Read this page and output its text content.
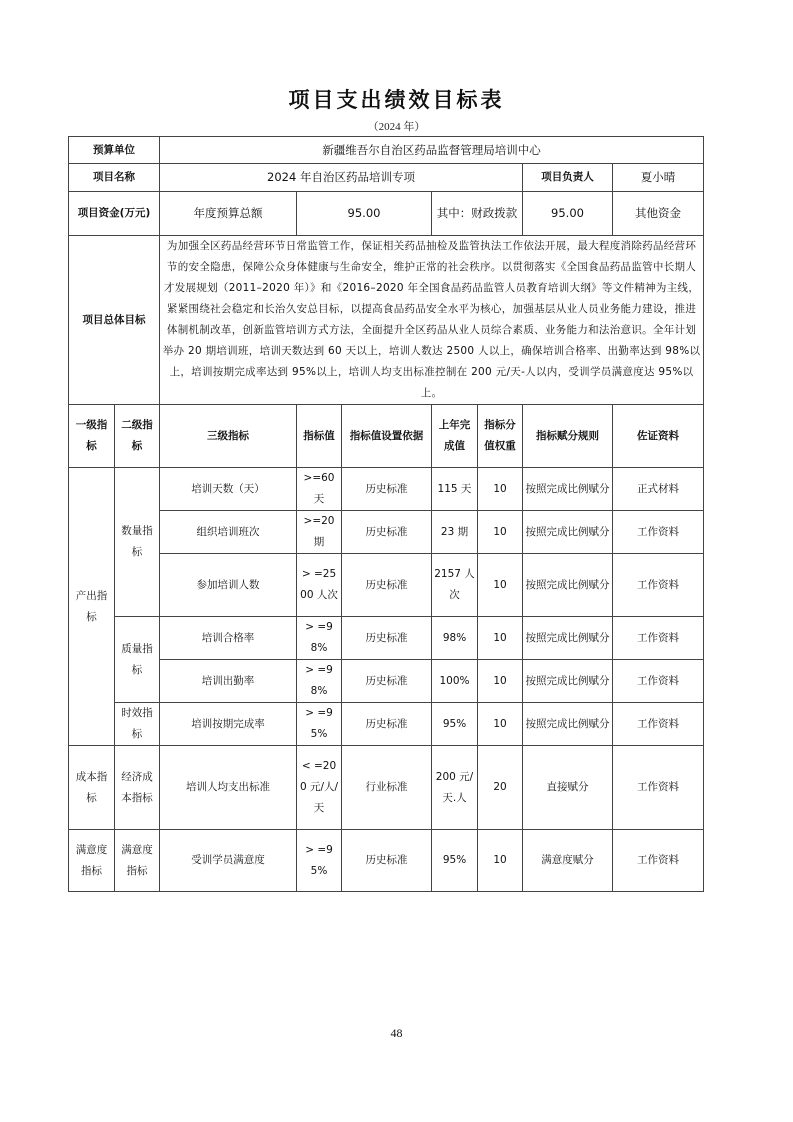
项目支出绩效目标表
（2024 年）
预算单位		新疆维吾尔自治区药品监督管理局培训中心						
项目名称		2024 年自治区药品培训专项					项目负责人	夏小晴
项目资金(万元)		年度预算总额	95.00		其中：财政拨款		95.00	其他资金
项目总体目标		为加强全区药品经营环节日常监管工作，保证相关药品抽检及监管执法工作依法开展，最大程度消除药品经营环节的安全隐患，保障公众身体健康与生命安全，维护正常的社会秩序。以贯彻落实《全国食品药品监管中长期人才发展规划（2011–2020 年）》和《2016–2020 年全国食品药品监管人员教育培训大纲》等文件精神为主线，紧紧围绕社会稳定和长治久安总目标，以提高食品药品安全水平为核心，加强基层从业人员业务能力建设，推进体制机制改革，创新监管培训方式方法，全面提升全区药品从业人员综合素质、业务能力和法治意识。全年计划举办 20 期培训班，培训天数达到 60 天以上，培训人数达 2500 人以上，确保培训合格率、出勤率达到 98%以上，培训按期完成率达到 95%以上，培训人均支出标准控制在 200 元/天-人以内，受训学员满意度达 95%以上。						
一级指标	二级指标	三级指标	指标值	指标值设置依据	上年完成值	指标分值权重	指标赋分规则	佐证资料
产出指标	数量指标	培训天数（天）	>=60天	历史标准	115 天	10	按照完成比例赋分	正式材料
		组织培训班次	>=20期	历史标准	23 期	10	按照完成比例赋分	工作资料
		参加培训人数	> =2500 人次	历史标准	2157 人次	10	按照完成比例赋分	工作资料
	质量指标	培训合格率	> =98%	历史标准	98%	10	按照完成比例赋分	工作资料
		培训出勤率	> =98%	历史标准	100%	10	按照完成比例赋分	工作资料
	时效指标	培训按期完成率	> =95%	历史标准	95%	10	按照完成比例赋分	工作资料
成本指标	经济成本指标	培训人均支出标准	< =200 元/人/天	行业标准	200 元/天.人	20	直接赋分	工作资料
满意度指标	满意度指标	受训学员满意度	> =95%	历史标准	95%	10	满意度赋分	工作资料
48
